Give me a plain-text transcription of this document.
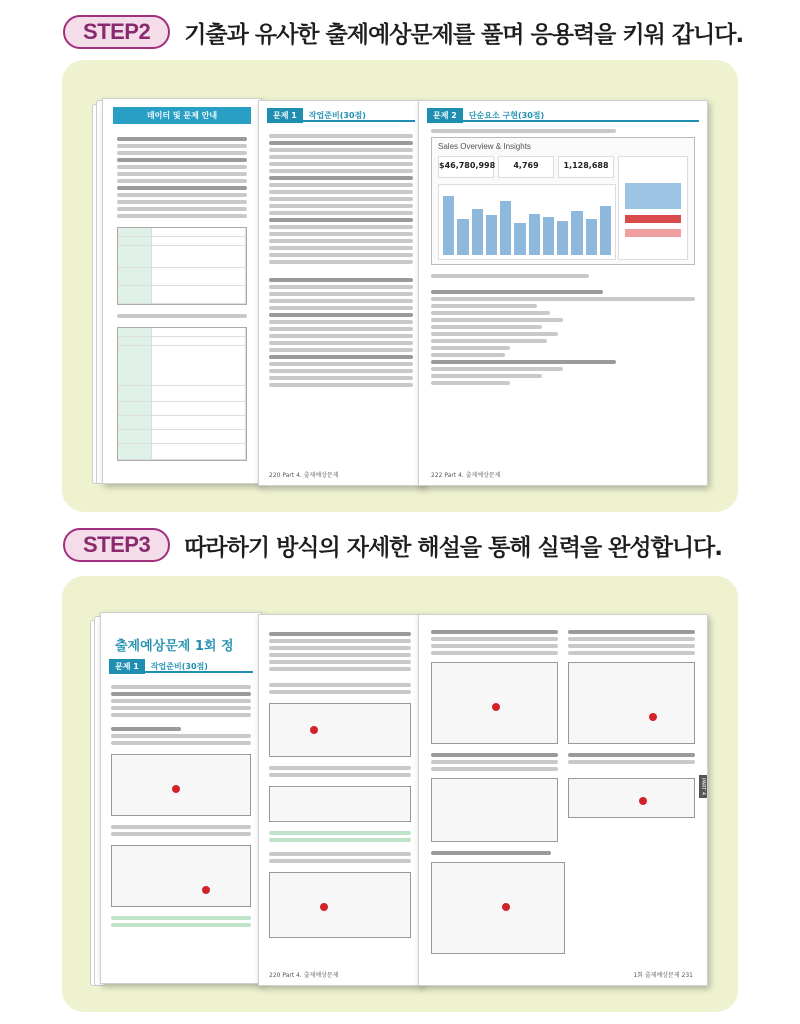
STEP2	기출과 유사한 출제예상문제를 풀며 응용력을 키워 갑니다.
데이터 및 문제 안내	문제 1	작업준비(30점)
220 Part 4. 출제예상문제
문제 2	단순요소 구현(30점)
Sales Overview & Insights
$46,780,998	4,769	1,128,688
222 Part 4. 출제예상문제
STEP3	따라하기 방식의 자세한 해설을 통해 실력을 완성합니다.
출제예상문제 1회 정
문제 1	작업준비(30점)
220 Part 4. 출제예상문제
PART 4
1회 출제예상문제 231
